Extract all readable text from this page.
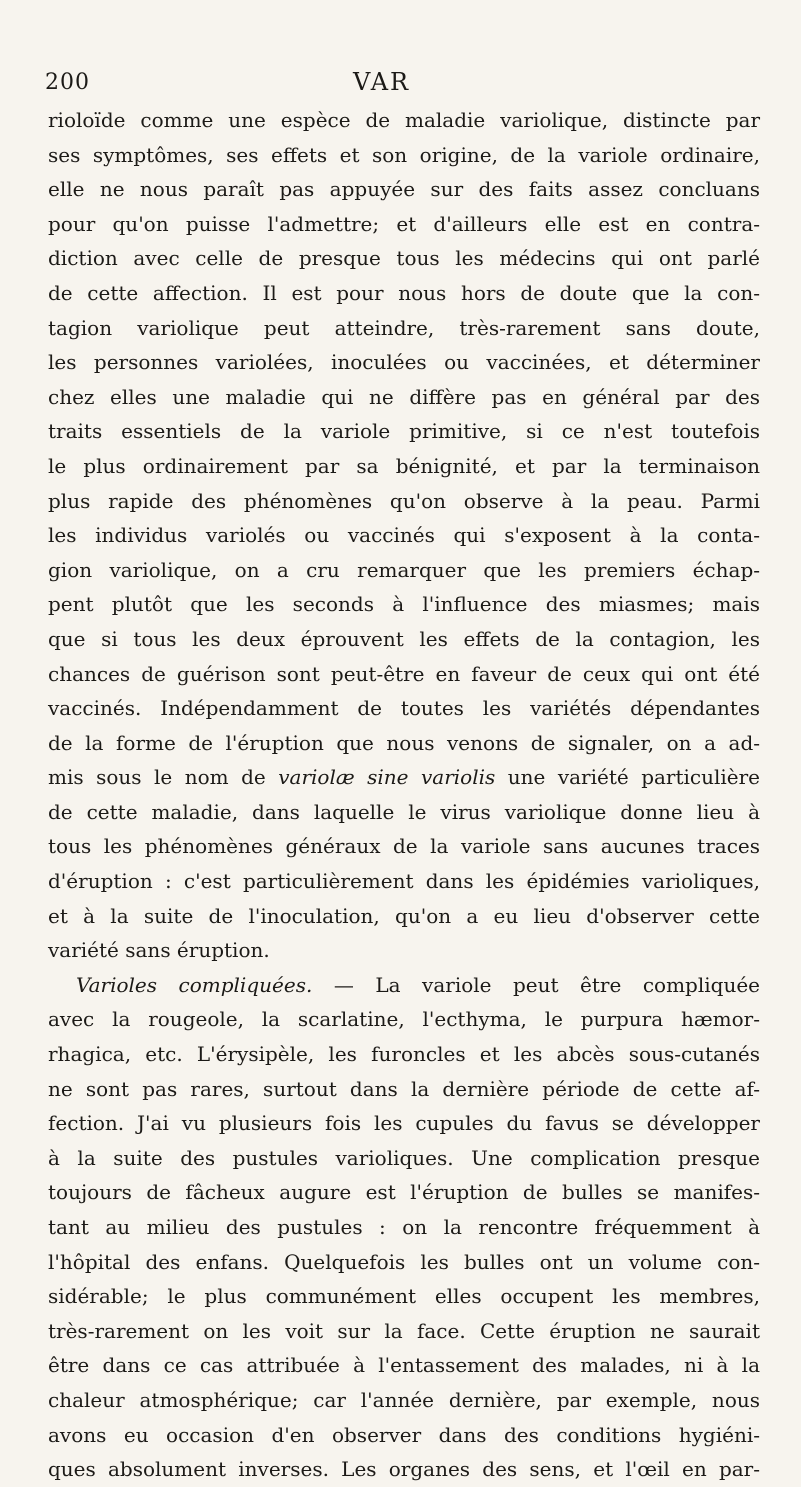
200	VAR
rioloïde comme une espèce de maladie variolique, distincte par
ses symptômes, ses effets et son origine, de la variole ordinaire,
elle ne nous paraît pas appuyée sur des faits assez concluans
pour qu'on puisse l'admettre; et d'ailleurs elle est en contra-
diction avec celle de presque tous les médecins qui ont parlé
de cette affection. Il est pour nous hors de doute que la con-
tagion variolique peut atteindre, très-rarement sans doute,
les personnes variolées, inoculées ou vaccinées, et déterminer
chez elles une maladie qui ne diffère pas en général par des
traits essentiels de la variole primitive, si ce n'est toutefois
le plus ordinairement par sa bénignité, et par la terminaison
plus rapide des phénomènes qu'on observe à la peau. Parmi
les individus variolés ou vaccinés qui s'exposent à la conta-
gion variolique, on a cru remarquer que les premiers échap-
pent plutôt que les seconds à l'influence des miasmes; mais
que si tous les deux éprouvent les effets de la contagion, les
chances de guérison sont peut-être en faveur de ceux qui ont été
vaccinés. Indépendamment de toutes les variétés dépendantes
de la forme de l'éruption que nous venons de signaler, on a ad-
mis sous le nom de variolæ sine variolis une variété particulière
de cette maladie, dans laquelle le virus variolique donne lieu à
tous les phénomènes généraux de la variole sans aucunes traces
d'éruption : c'est particulièrement dans les épidémies varioliques,
et à la suite de l'inoculation, qu'on a eu lieu d'observer cette
variété sans éruption.
Varioles compliquées. — La variole peut être compliquée
avec la rougeole, la scarlatine, l'ecthyma, le purpura hæmor-
rhagica, etc. L'érysipèle, les furoncles et les abcès sous-cutanés
ne sont pas rares, surtout dans la dernière période de cette af-
fection. J'ai vu plusieurs fois les cupules du favus se développer
à la suite des pustules varioliques. Une complication presque
toujours de fâcheux augure est l'éruption de bulles se manifes-
tant au milieu des pustules : on la rencontre fréquemment à
l'hôpital des enfans. Quelquefois les bulles ont un volume con-
sidérable; le plus communément elles occupent les membres,
très-rarement on les voit sur la face. Cette éruption ne saurait
être dans ce cas attribuée à l'entassement des malades, ni à la
chaleur atmosphérique; car l'année dernière, par exemple, nous
avons eu occasion d'en observer dans des conditions hygiéni-
ques absolument inverses. Les organes des sens, et l'œil en par-
